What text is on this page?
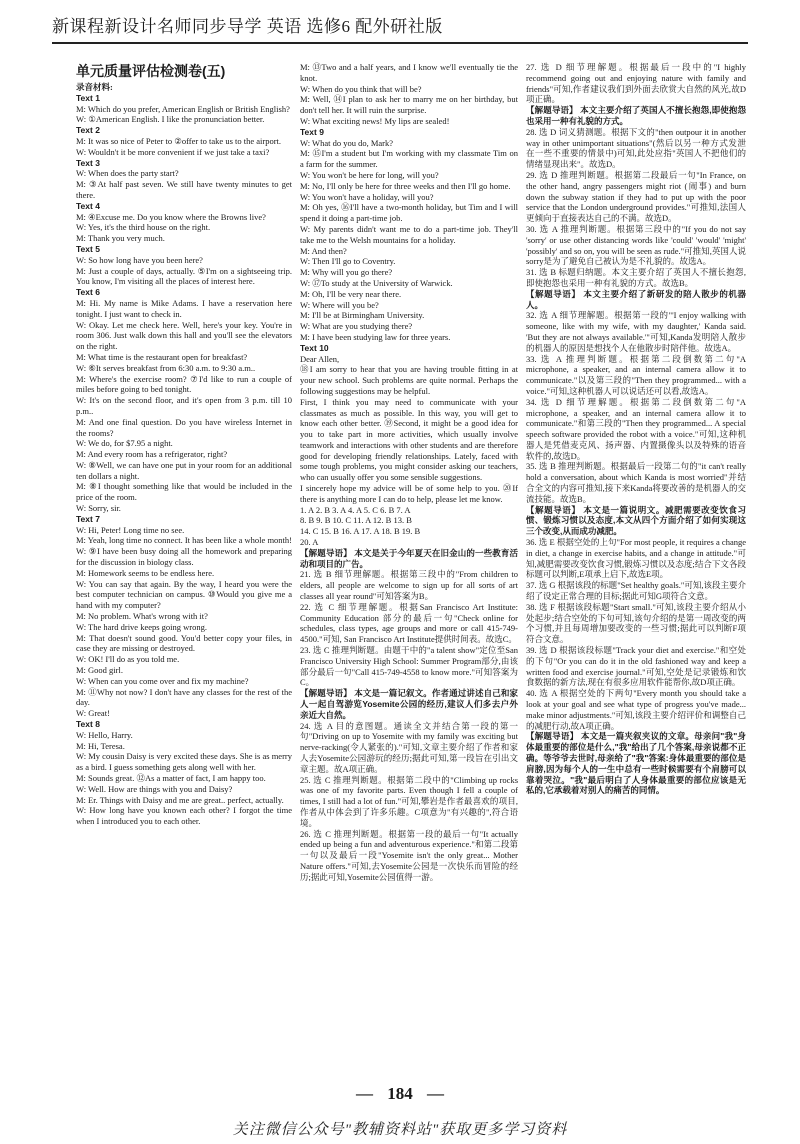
新课程新设计名师同步导学 英语 选修6 配外研社版
单元质量评估检测卷(五)
录音材料:

Text 1

M: Which do you prefer, American English or British English?

W: ①American English. I like the pronunciation better.

Text 2

M: It was so nice of Peter to ②offer to take us to the airport.

W: Wouldn't it be more convenient if we just take a taxi?

Text 3

W: When does the party start?

M: ③At half past seven. We still have twenty minutes to get there.

Text 4

M: ④Excuse me. Do you know where the Browns live?

W: Yes, it's the third house on the right.

M: Thank you very much.

Text 5

W: So how long have you been here?

M: Just a couple of days, actually. ⑤I'm on a sightseeing trip. You know, I'm visiting all the places of interest here.

Text 6

M: Hi. My name is Mike Adams. I have a reservation here tonight. I just want to check in.

W: Okay. Let me check here. Well, here's your key. You're in room 306. Just walk down this hall and you'll see the elevators on the right.

M: What time is the restaurant open for breakfast?

W: ⑥It serves breakfast from 6:30 a.m. to 9:30 a.m..

M: Where's the exercise room? ⑦I'd like to run a couple of miles before going to bed tonight.

W: It's on the second floor, and it's open from 3 p.m. till 10 p.m..

M: And one final question. Do you have wireless Internet in the rooms?

W: We do, for $7.95 a night.

M: And every room has a refrigerator, right?

W: ⑧Well, we can have one put in your room for an additional ten dollars a night.

M: ⑧I thought something like that would be included in the price of the room.

W: Sorry, sir.

Text 7

W: Hi, Peter! Long time no see.

M: Yeah, long time no connect. It has been like a whole month!

W: ⑨I have been busy doing all the homework and preparing for the discussion in biology class.

M: Homework seems to be endless here.

W: You can say that again. By the way, I heard you were the best computer technician on campus. ⑩Would you give me a hand with my computer?

M: No problem. What's wrong with it?

W: The hard drive keeps going wrong.

M: That doesn't sound good. You'd better copy your files, in case they are missing or destroyed.

W: OK! I'll do as you told me.

M: Good girl.

W: When can you come over and fix my machine?

M: ⑪Why not now? I don't have any classes for the rest of the day.

W: Great!

Text 8

W: Hello, Harry.

M: Hi, Teresa.

W: My cousin Daisy is very excited these days. She is as merry as a bird. I guess something gets along well with her.

M: Sounds great. ⑫As a matter of fact, I am happy too.

W: Well. How are things with you and Daisy?

M: Er. Things with Daisy and me are great.. perfect, actually.

W: How long have you known each other? I forgot the time when I introduced you to each other.

M: ⑬Two and a half years, and I know we'll eventually tie the knot.

W: When do you think that will be?

M: Well, ⑭I plan to ask her to marry me on her birthday, but don't tell her. It will ruin the surprise.

W: What exciting news! My lips are sealed!

Text 9

W: What do you do, Mark?

M: ⑮I'm a student but I'm working with my classmate Tim on a farm for the summer.

W: You won't be here for long, will you?

M: No, I'll only be here for three weeks and then I'll go home.

W: You won't have a holiday, will you?

M: Oh yes, ⑯I'll have a two-month holiday, but Tim and I will spend it doing a part-time job.

W: My parents didn't want me to do a part-time job. They'll take me to the Welsh mountains for a holiday.

M: And then?

W: Then I'll go to Coventry.

M: Why will you go there?

W: ⑰To study at the University of Warwick.

M: Oh, I'll be very near there.

W: Where will you be?

M: I'll be at Birmingham University.

W: What are you studying there?

M: I have been studying law for three years.

Text 10

Dear Allen,

⑱I am sorry to hear that you are having trouble fitting in at your new school. Such problems are quite normal. Perhaps the following suggestions may be helpful.

First, I think you may need to communicate with your classmates as much as possible. In this way, you will get to know each other better. ⑲Second, it might be a good idea for you to take part in more activities, which usually involve teamwork and interactions with other students and are therefore good for developing friendly relationships. Lately, faced with some tough problems, you might consider asking our teachers, who can usually offer you some sensible suggestions.

I sincerely hope my advice will be of some help to you. ⑳If there is anything more I can do to help, please let me know.

1. A 2. B 3. A 4. A 5. C 6. B 7. A

8. B 9. B 10. C 11. A 12. B 13. B

14. C 15. B 16. A 17. A 18. B 19. B

20. A

【解题导语】 本文是关于今年夏天在旧金山的一些教育活动和项目的广告。

21. 选 B 细节理解题。根据第三段中的"From children to elders, all people are welcome to sign up for all sorts of art classes all year round"可知答案为B。

22. 选 C 细节理解题。根据San Francisco Art Institute: Community Education 部分的最后一句"Check online for schedules, class types, age groups and more or call 415-749-4500."可知, San Francisco Art Institute提供时间表。故选C。

23. 选 C 推理判断题。由题干中的"a talent show"定位至San Francisco University High School: Summer Program部分,由该部分最后一句"Call 415-749-4558 to know more."可知答案为C。

【解题导语】 本文是一篇记叙文。作者通过讲述自己和家人一起自驾游览Yosemite公园的经历,建议人们多去户外亲近大自然。

24. 选 A 目的意图题。通读全文并结合第一段的第一句"Driving on up to Yosemite with my family was exciting but nerve-racking(令人紧张的)."可知,文章主要介绍了作者和家人去Yosemite公园游玩的经历;据此可知,第一段旨在引出文章主题。故A项正确。

25. 选 C 推理判断题。根据第二段中的"Climbing up rocks was one of my favorite parts. Even though I fell a couple of times, I still had a lot of fun."可知,攀岩是作者最喜欢的项目,作者从中体会到了许多乐趣。C项意为"有兴趣的",符合语境。

26. 选 C 推理判断题。根据第一段的最后一句"It actually ended up being a fun and adventurous experience."和第二段第一句以及最后一段"Yosemite isn't the only great... Mother Nature offers."可知,去Yosemite公园是一次快乐而冒险的经历;据此可知,Yosemite公园值得一游。

27. 选 D 细节理解题。根据最后一段中的"I highly recommend going out and enjoying nature with family and friends"可知,作者建议我们到外面去欣赏大自然的风光,故D项正确。

【解题导语】 本文主要介绍了英国人不擅长抱怨,即使抱怨也采用一种有礼貌的方式。

28. 选 D 词义猜测题。根据下文的"then outpour it in another way in other unimportant situations"(然后以另一种方式发泄在一些不重要的情景中)可知,此处应指"英国人不把他们的情绪显现出来"。故选D。

29. 选 D 推理判断题。根据第二段最后一句"In France, on the other hand, angry passengers might riot (闹事) and burn down the subway station if they had to put up with the poor service that the London underground provides."可推知,法国人更倾向于直接表达自己的不满。故选D。

30. 选 A 推理判断题。根据第三段中的"If you do not say 'sorry' or use other distancing words like 'could' 'would' 'might' 'possibly' and so on, you will be seen as rude."可推知,英国人说sorry是为了避免自己被认为是不礼貌的。故选A。

31. 选 B 标题归纳题。本文主要介绍了英国人不擅长抱怨,即使抱怨也采用一种有礼貌的方式。故选B。

【解题导语】 本文主要介绍了新研发的陪人散步的机器人。

32. 选 A 细节理解题。根据第一段的"'I enjoy walking with someone, like with my wife, with my daughter,' Kanda said. 'But they are not always available.'"可知,Kanda发明陪人散步的机器人的原因是想找个人在他散步时陪伴他。故选A。

33. 选 A 推理判断题。根据第二段倒数第二句"A microphone, a speaker, and an internal camera allow it to communicate."以及第三段的"Then they programmed... with a voice."可知,这种机器人可以说话还可以看,故选A。

34. 选 D 细节理解题。根据第二段倒数第二句"A microphone, a speaker, and an internal camera allow it to communicate."和第三段的"Then they programmed... A special speech software provided the robot with a voice."可知,这种机器人是凭借麦克风、扬声器、内置摄像头以及特殊的语音软件的,故选D。

35. 选 B 推理判断题。根据最后一段第二句的"it can't really hold a conversation, about which Kanda is most worried"并结合全文的内容可推知,接下来Kanda将要改善的是机器人的交流技能。故选B。

【解题导语】 本文是一篇说明文。减肥需要改变饮食习惯、锻炼习惯以及态度,本文从四个方面介绍了如何实现这三个改变,从而成功减肥。

36. 选 E 根据空处的上句"For most people, it requires a change in diet, a change in exercise habits, and a change in attitude."可知,减肥需要改变饮食习惯,锻炼习惯以及态度;结合下文各段标题可以判断,E项承上启下,故选E项。

37. 选 G 根据该段的标题"Set healthy goals."可知,该段主要介绍了设定正常合理的目标;据此可知G项符合文意。

38. 选 F 根据该段标题"Start small."可知,该段主要介绍从小处起步;结合空处的下句可知,该句介绍的是第一周改变的两个习惯,并且每周增加要改变的一些习惯;据此可以判断F项符合文意。

39. 选 D 根据该段标题"Track your diet and exercise."和空处的下句"Or you can do it in the old fashioned way and keep a written food and exercise journal."可知,空处是记录锻炼和饮食数据的新方法,现在有很多应用软件能帮你,故D项正确。

40. 选 A 根据空处的下两句"Every month you should take a look at your goal and see what type of progress you've made... make minor adjustments."可知,该段主要介绍评价和调整自己的减肥行动,故A项正确。

【解题导语】 本文是一篇夹叙夹议的文章。母亲问"我"身体最重要的部位是什么,"我"给出了几个答案,母亲说都不正确。等爷爷去世时,母亲给了"我"答案:身体最重要的部位是肩膀,因为每个人的一生中总有一些时候需要有个肩膀可以靠着哭泣。"我"最后明白了人身体最重要的部位应该是无私的,它承载着对别人的痛苦的同情。

— 184 —
关注微信公众号"教辅资料站"获取更多学习资料
